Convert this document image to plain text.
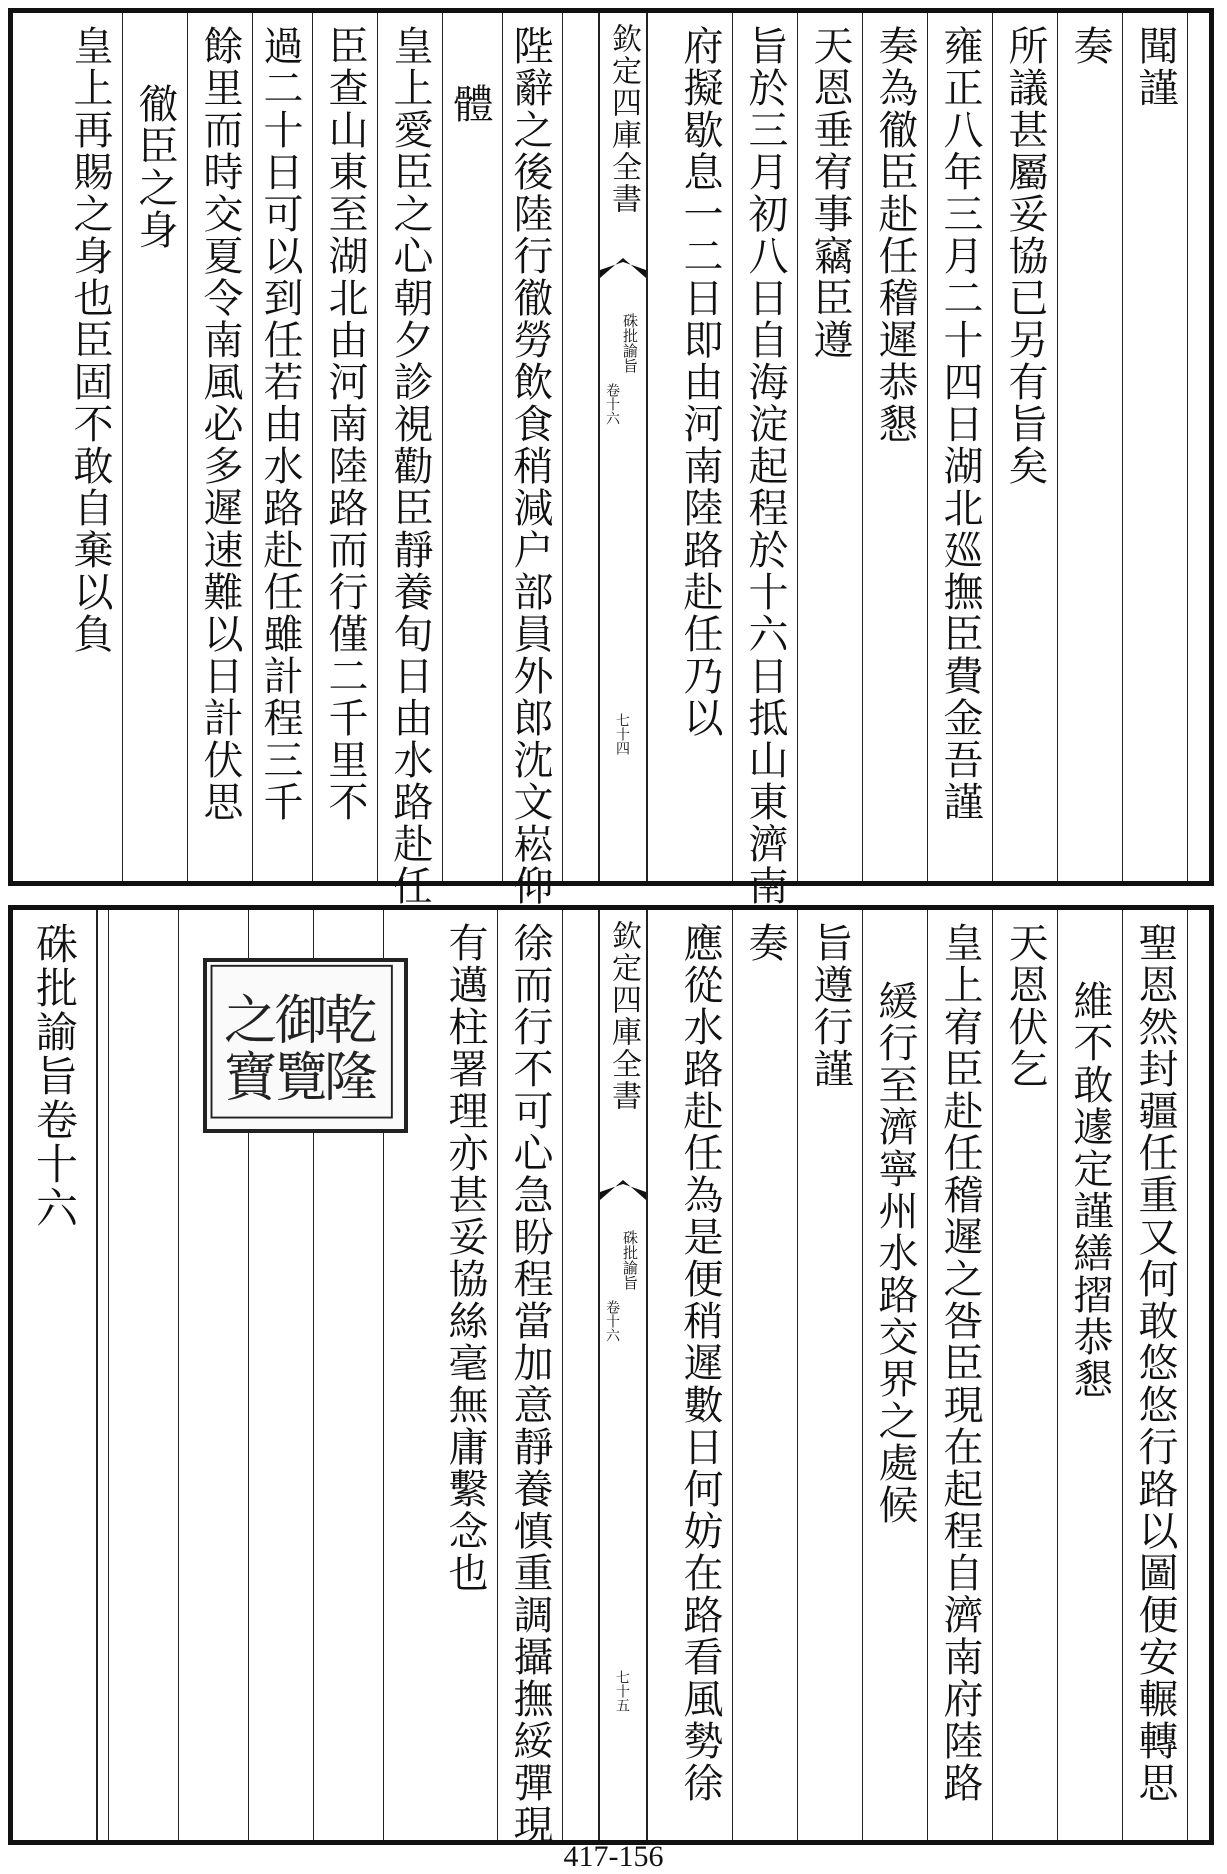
聞謹
奏
所議甚屬妥協已另有旨矣
雍正八年三月二十四日湖北廵撫臣費金吾謹
奏為徹臣赴任稽遲恭懇
天恩垂宥事竊臣遵
旨於三月初八日自海淀起程於十六日抵山東濟南
府擬歇息一二日即由河南陸路赴任乃以
陛辭之後陸行徹勞飲食稍減户部員外郎沈文崧仰
體
皇上愛臣之心朝夕診視勸臣靜養旬日由水路赴任
臣查山東至湖北由河南陸路而行僅二千里不
過二十日可以到任若由水路赴任雖計程三千
餘里而時交夏令南風必多遲速難以日計伏思
徹臣之身
皇上再賜之身也臣固不敢自棄以負	欽定四庫全書
硃批諭旨
卷十六
七十四
聖恩然封疆任重又何敢悠悠行路以圖便安輾轉思
維不敢遽定謹繕摺恭懇
天恩伏乞
皇上宥臣赴任稽遲之咎臣現在起程自濟南府陸路
緩行至濟寧州水路交界之處候
旨遵行謹
奏
應從水路赴任為是便稍遲數日何妨在路看風勢徐
徐而行不可心急盼程當加意靜養慎重調攝撫綏彈現
有邁柱署理亦甚妥協絲毫無庸繫念也	欽定四庫全書
硃批諭旨
卷十六
七十五
硃批諭旨卷十六	乾
隆
御
覽
之
寶
417-156
